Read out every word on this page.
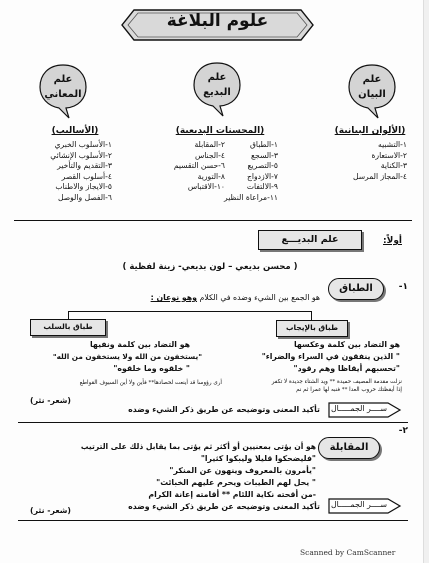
علوم البلاغة
علم
المعاني
علم
البديع
علم
البيان
(الأساليب)	(المحسنات البديعية)	(الألوان البيانية)
١-الأسلوب الخبري
٢-الأسلوب الإنشائي
٣-التقديم والتأخير
٤-أسلوب القصر
٥-الايجاز والاطناب
٦-الفصل والوصل
١-الطباق
٣-السجع
٥-التصريع
٧-الازدواج
٩-الالتفات
١١-مراعاة النظير
٢-المقابلة
٤-الجناس
٦-حسن التقسيم
٨-التورية
١٠-الاقتباس
١-التشبيه
٢-الاستعارة
٣-الكناية
٤-المجاز المرسل
أولاً:
علم البديـــع
( محسن بديعي – لون بديعي- زينة لفظية )
-١
الطباق
هو الجمع بين الشيء وضده في الكلام وهو نوعان :
طباق بالإيجاب
طباق بالسلب
هو التضاد بين كلمة وعكسها
" الذين ينفقون في السراء والضراء"
"تحسبهم أيقاظا وهم رقود"
نزلت مقدمة المصيف حميدة ** ويد الشتاء جديدة لا تكفر
إذا أيقظتك حروب العدا ** فنبه لها عمرا ثم نم
هو التضاد بين كلمة ونفيها
"يستخفون من الله ولا يستخفون من الله"
" خلقوه وما خلقوه"
أرى رؤوسا قد أينعت لحصادها** فأين ولا أين السيوف القواطع
ســــر الجمـــــال
تأكيد المعنى وتوضيحه عن طريق ذكر الشيء وضده
(شعر- نثر)
-٢
المقابلة
هو أن يؤتى بمعنيين أو أكثر ثم يؤتى بما يقابل ذلك على الترتيب
"فليضحكوا قليلا وليبكوا كثيرا"
"يأمرون بالمعروف وينهون عن المنكر"
" يحل لهم الطيبات ويحرم عليهم الخبائث"
-من أقحته نكاية اللئام ** أقامته إعانة الكرام
ســــر الجمـــــال
تأكيد المعنى وتوضيحه عن طريق ذكر الشيء وضده
(شعر- نثر)
Scanned by CamScanner
